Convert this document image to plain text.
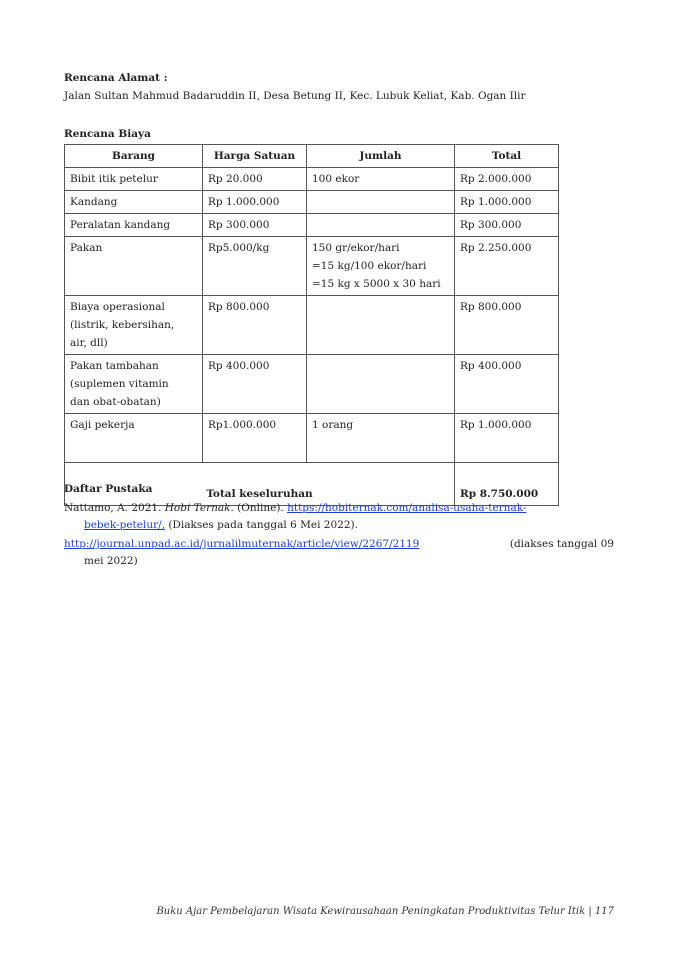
Rencana Alamat :
Jalan Sultan Mahmud Badaruddin II, Desa Betung II, Kec. Lubuk Keliat, Kab. Ogan Ilir
Rencana Biaya
Barang	Harga Satuan	Jumlah	Total

Bibit itik petelur	Rp 20.000	100 ekor	Rp 2.000.000

Kandang	Rp 1.000.000		Rp 1.000.000

Peralatan kandang	Rp 300.000		Rp 300.000

Pakan	Rp5.000/kg	150 gr/ekor/hari
=15 kg/100 ekor/hari
=15 kg x 5000 x 30 hari	Rp 2.250.000

Biaya operasional
(listrik, kebersihan,
air, dll)	Rp 800.000		Rp 800.000

Pakan tambahan
(suplemen vitamin
dan obat-obatan)	Rp 400.000		Rp 400.000

Gaji pekerja	Rp1.000.000	1 orang	Rp 1.000.000
Total keseluruhan			Rp 8.750.000
Daftar Pustaka
Nattamo, A. 2021. Hobi Ternak. (Online). https://hobiternak.com/analisa-usaha-ternak-
bebek-petelur/, (Diakses pada tanggal 6 Mei 2022).
http://journal.unpad.ac.id/jurnalilmuternak/article/view/2267/2119	(diakses tanggal 09
mei 2022)
Buku Ajar Pembelajaran Wisata Kewirausahaan Peningkatan Produktivitas Telur Itik | 117
